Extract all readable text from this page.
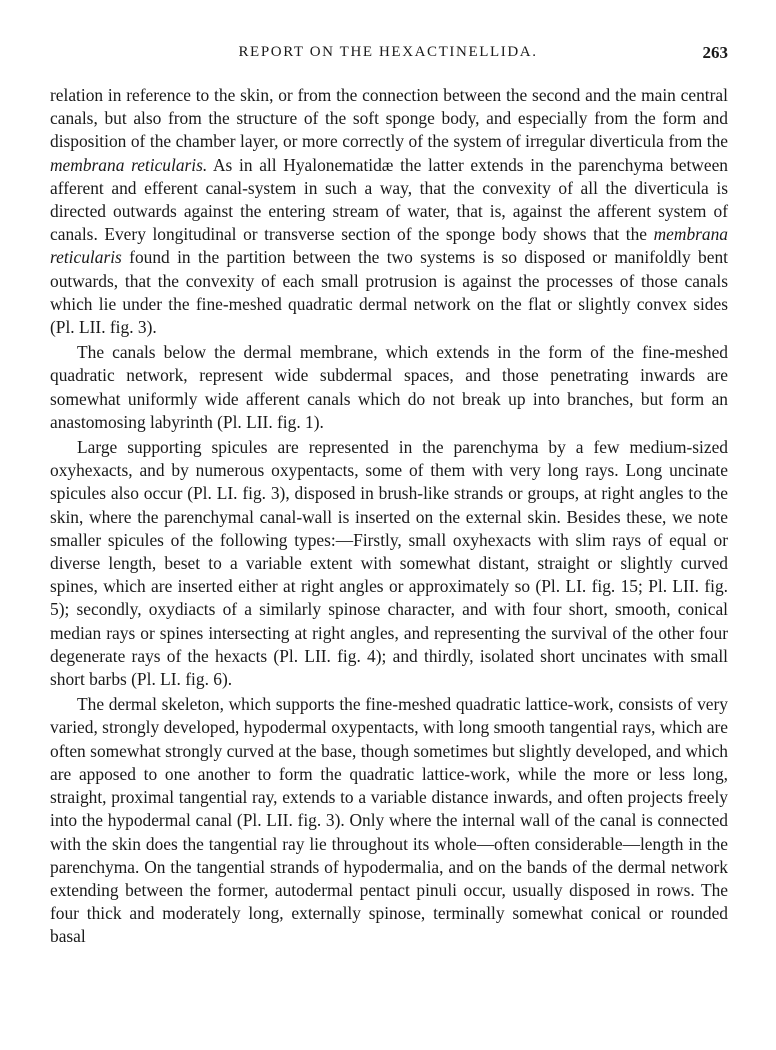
REPORT ON THE HEXACTINELLIDA.	263

relation in reference to the skin, or from the connection between the second and the main central canals, but also from the structure of the soft sponge body, and especially from the form and disposition of the chamber layer, or more correctly of the system of irregular diverticula from the membrana reticularis. As in all Hyalonematidæ the latter extends in the parenchyma between afferent and efferent canal-system in such a way, that the convexity of all the diverticula is directed outwards against the entering stream of water, that is, against the afferent system of canals. Every longitudinal or transverse section of the sponge body shows that the membrana reticularis found in the partition between the two systems is so disposed or manifoldly bent outwards, that the convexity of each small protrusion is against the processes of those canals which lie under the fine-meshed quadratic dermal network on the flat or slightly convex sides (Pl. LII. fig. 3).

The canals below the dermal membrane, which extends in the form of the fine-meshed quadratic network, represent wide subdermal spaces, and those penetrating inwards are somewhat uniformly wide afferent canals which do not break up into branches, but form an anastomosing labyrinth (Pl. LII. fig. 1).

Large supporting spicules are represented in the parenchyma by a few medium-sized oxyhexacts, and by numerous oxypentacts, some of them with very long rays. Long uncinate spicules also occur (Pl. LI. fig. 3), disposed in brush-like strands or groups, at right angles to the skin, where the parenchymal canal-wall is inserted on the external skin. Besides these, we note smaller spicules of the following types:—Firstly, small oxyhexacts with slim rays of equal or diverse length, beset to a variable extent with somewhat distant, straight or slightly curved spines, which are inserted either at right angles or approximately so (Pl. LI. fig. 15; Pl. LII. fig. 5); secondly, oxydiacts of a similarly spinose character, and with four short, smooth, conical median rays or spines intersecting at right angles, and representing the survival of the other four degenerate rays of the hexacts (Pl. LII. fig. 4); and thirdly, isolated short uncinates with small short barbs (Pl. LI. fig. 6).

The dermal skeleton, which supports the fine-meshed quadratic lattice-work, consists of very varied, strongly developed, hypodermal oxypentacts, with long smooth tangential rays, which are often somewhat strongly curved at the base, though sometimes but slightly developed, and which are apposed to one another to form the quadratic lattice-work, while the more or less long, straight, proximal tangential ray, extends to a variable distance inwards, and often projects freely into the hypodermal canal (Pl. LII. fig. 3). Only where the internal wall of the canal is connected with the skin does the tangential ray lie throughout its whole—often considerable—length in the parenchyma. On the tangential strands of hypodermalia, and on the bands of the dermal network extending between the former, autodermal pentact pinuli occur, usually disposed in rows. The four thick and moderately long, externally spinose, terminally somewhat conical or rounded basal
